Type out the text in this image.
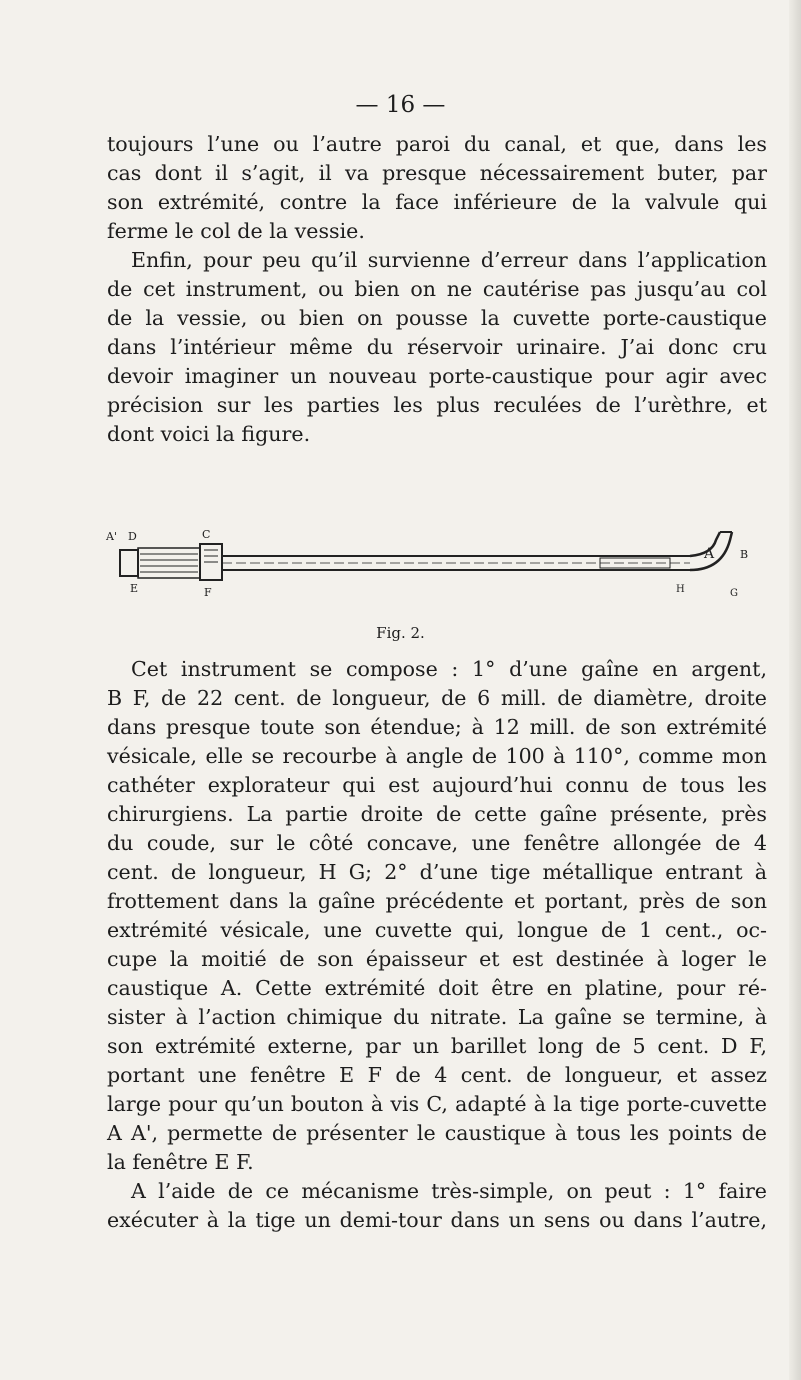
— 16 —

toujours l’une ou l’autre paroi du canal, et que, dans les

cas dont il s’agit, il va presque nécessairement buter, par

son extrémité, contre la face inférieure de la valvule qui

ferme le col de la vessie.

Enfin, pour peu qu’il survienne d’erreur dans l’application

de cet instrument, ou bien on ne cautérise pas jusqu’au col

de la vessie, ou bien on pousse la cuvette porte-caustique

dans l’intérieur même du réservoir urinaire. J’ai donc cru

devoir imaginer un nouveau porte-caustique pour agir avec

précision sur les parties les plus reculées de l’urèthre, et

dont voici la figure.

A' D	C
A B
E	F	H	G
Fig. 2.

Cet instrument se compose : 1° d’une gaîne en argent,

B F, de 22 cent. de longueur, de 6 mill. de diamètre, droite

dans presque toute son étendue; à 12 mill. de son extrémité

vésicale, elle se recourbe à angle de 100 à 110°, comme mon

cathéter explorateur qui est aujourd’hui connu de tous les

chirurgiens. La partie droite de cette gaîne présente, près

du coude, sur le côté concave, une fenêtre allongée de 4

cent. de longueur, H G; 2° d’une tige métallique entrant à

frottement dans la gaîne précédente et portant, près de son

extrémité vésicale, une cuvette qui, longue de 1 cent., oc-

cupe la moitié de son épaisseur et est destinée à loger le

caustique A. Cette extrémité doit être en platine, pour ré-

sister à l’action chimique du nitrate. La gaîne se termine, à

son extrémité externe, par un barillet long de 5 cent. D F,

portant une fenêtre E F de 4 cent. de longueur, et assez

large pour qu’un bouton à vis C, adapté à la tige porte-cuvette

A A', permette de présenter le caustique à tous les points de

la fenêtre E F.

A l’aide de ce mécanisme très-simple, on peut : 1° faire

exécuter à la tige un demi-tour dans un sens ou dans l’autre,
